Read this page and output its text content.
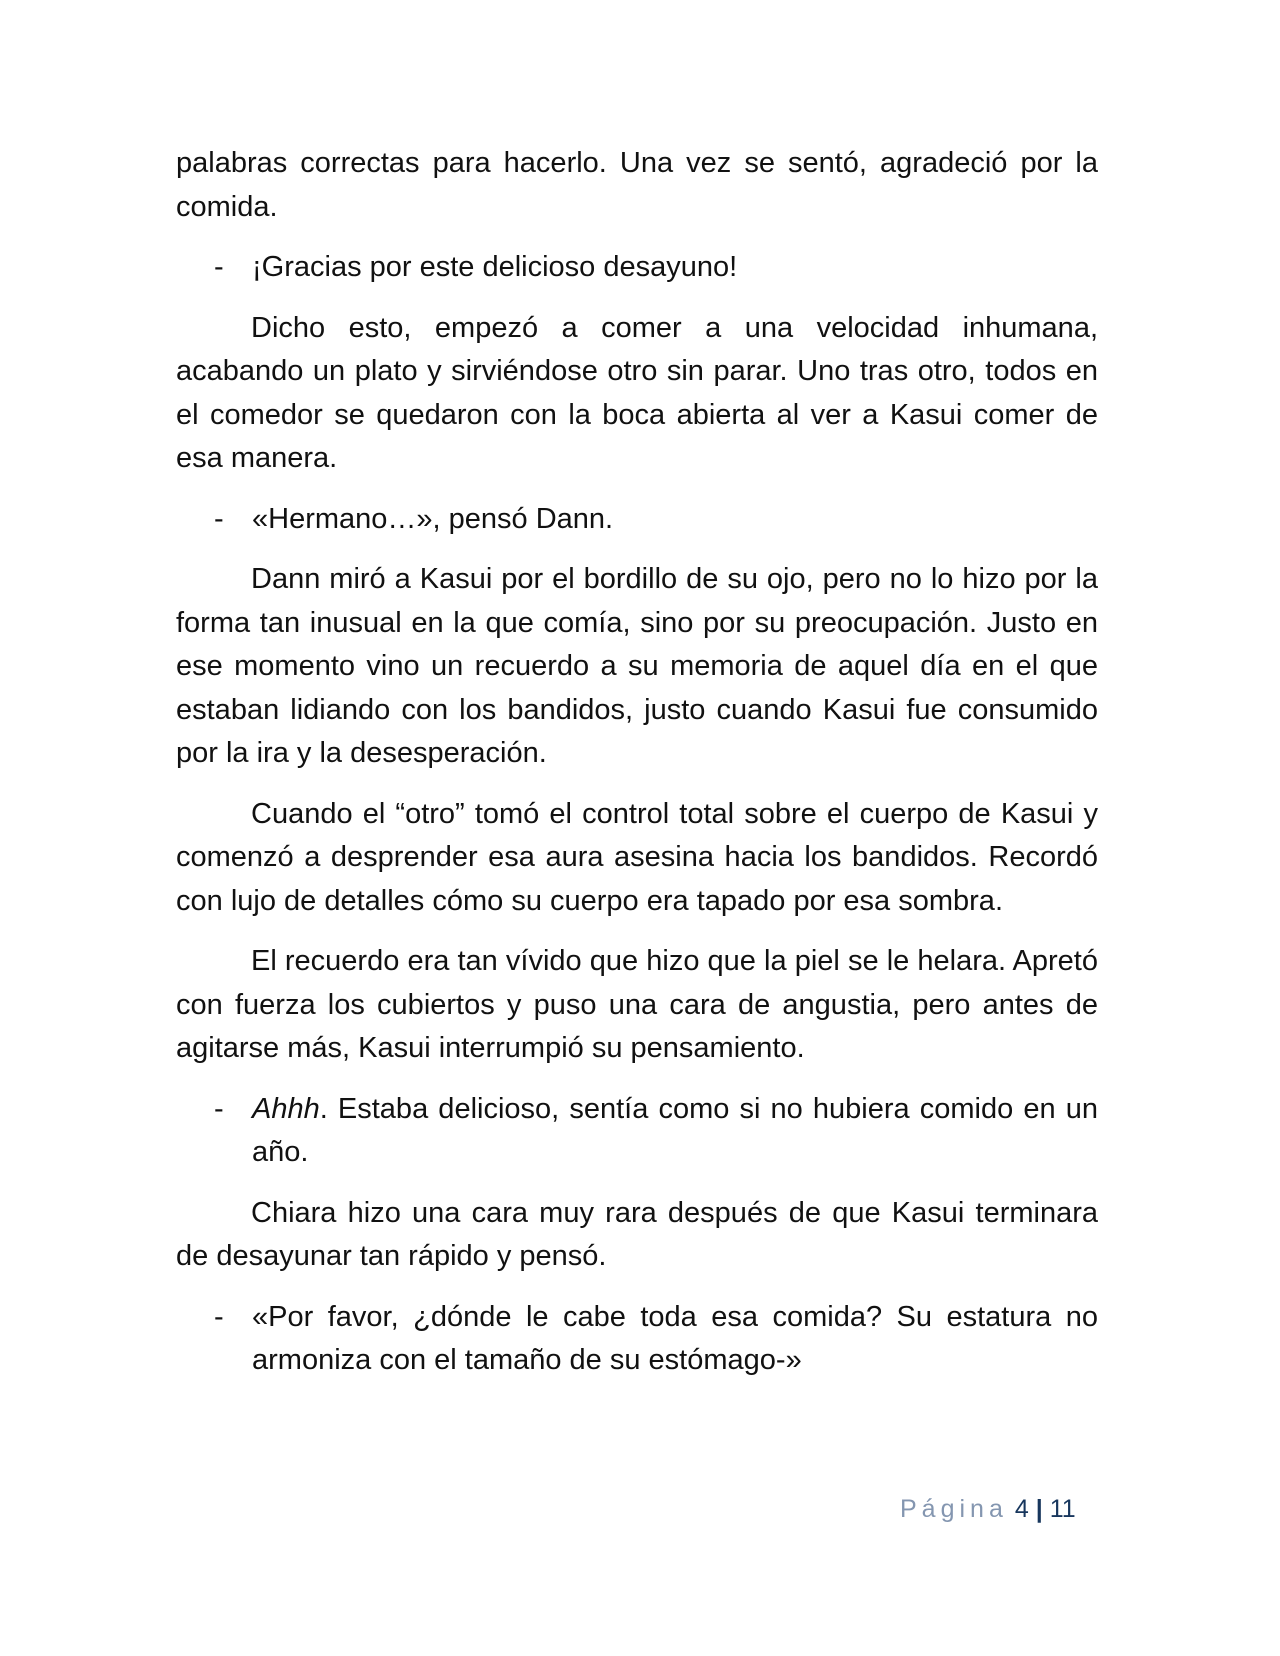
palabras correctas para hacerlo. Una vez se sentó, agradeció por la comida.

- ¡Gracias por este delicioso desayuno!

Dicho esto, empezó a comer a una velocidad inhumana, acabando un plato y sirviéndose otro sin parar. Uno tras otro, todos en el comedor se quedaron con la boca abierta al ver a Kasui comer de esa manera.

- «Hermano…», pensó Dann.

Dann miró a Kasui por el bordillo de su ojo, pero no lo hizo por la forma tan inusual en la que comía, sino por su preocupación. Justo en ese momento vino un recuerdo a su memoria de aquel día en el que estaban lidiando con los bandidos, justo cuando Kasui fue consumido por la ira y la desesperación.

Cuando el “otro” tomó el control total sobre el cuerpo de Kasui y comenzó a desprender esa aura asesina hacia los bandidos. Recordó con lujo de detalles cómo su cuerpo era tapado por esa sombra.

El recuerdo era tan vívido que hizo que la piel se le helara. Apretó con fuerza los cubiertos y puso una cara de angustia, pero antes de agitarse más, Kasui interrumpió su pensamiento.

- Ahhh. Estaba delicioso, sentía como si no hubiera comido en un año.

Chiara hizo una cara muy rara después de que Kasui terminara de desayunar tan rápido y pensó.

- «Por favor, ¿dónde le cabe toda esa comida? Su estatura no armoniza con el tamaño de su estómago-»

Página 4 | 11
